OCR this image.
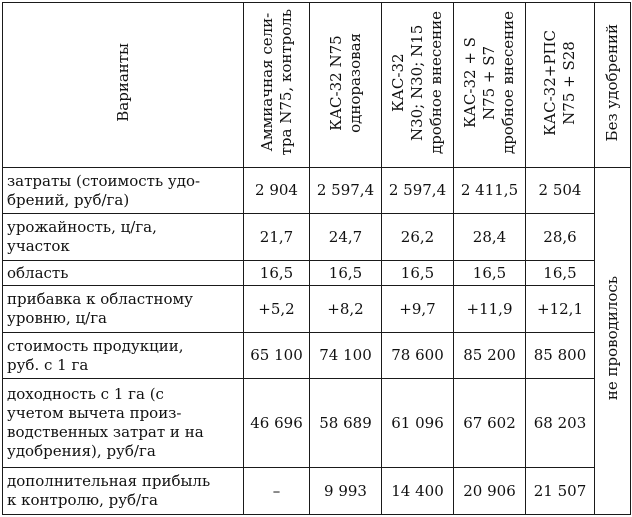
Варианты	Аммиачная сели- тра N75, контроль	КАС-32 N75 одноразовая	КАС-32 N30; N30; N15 дробное внесение	КАС-32 + S N75 + S7 дробное внесение	КАС-32+РПС N75 + S28	Без удобрений

затраты (стоимость удо-
брений, руб/га)	2 904	2 597,4	2 597,4	2 411,5	2 504	не проводилось

урожайность, ц/га,
участок	21,7	24,7	26,2	28,4	28,6	

область	16,5	16,5	16,5	16,5	16,5	

прибавка к областному
уровню, ц/га	+5,2	+8,2	+9,7	+11,9	+12,1	

стоимость продукции,
руб. с 1 га	65 100	74 100	78 600	85 200	85 800	

доходность с 1 га (с
учетом вычета произ-
водственных затрат и на
удобрения), руб/га	46 696	58 689	61 096	67 602	68 203	

дополнительная прибыль
к контролю, руб/га	–	9 993	14 400	20 906	21 507	
